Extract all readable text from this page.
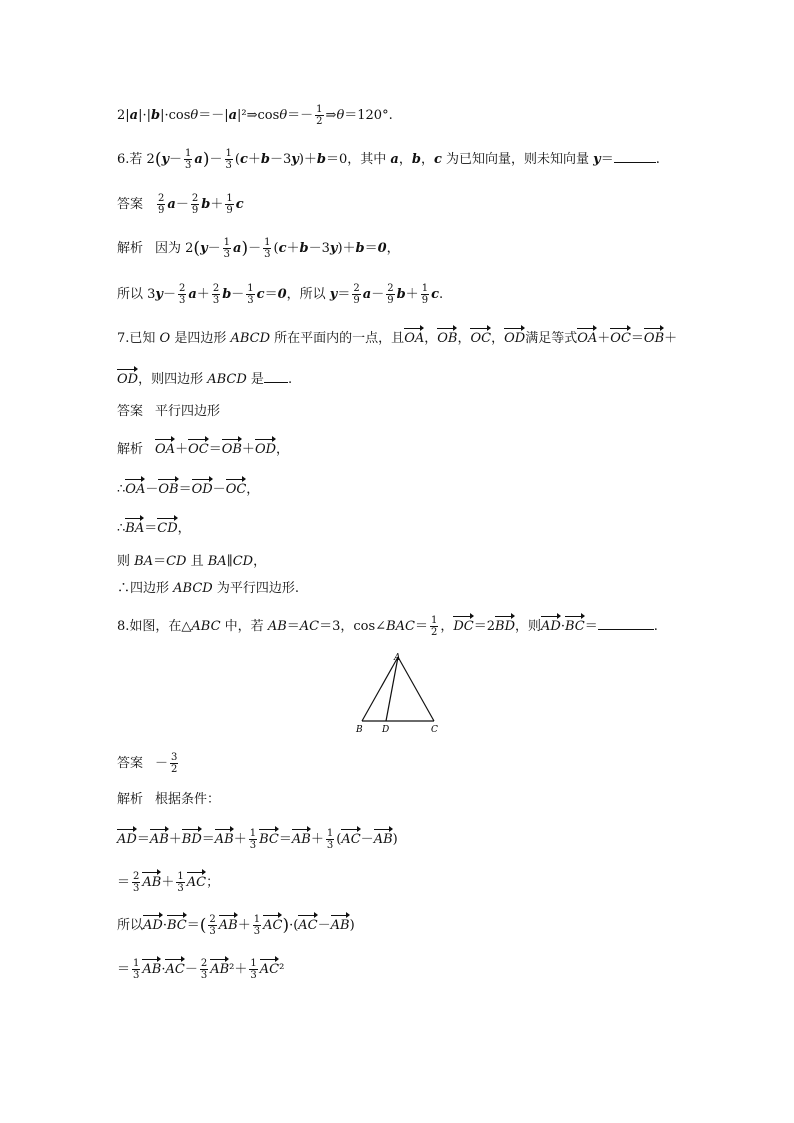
2|a|·|b|·cosθ＝－|a|²⇒cosθ＝－ $\frac{1}{2}$ ⇒θ＝120°.
6.若 $2(y- \frac{1}{3} a)- \frac{1}{3} (c+b-3y)+b=0$，其中 a，b，c 为已知向量，则未知向量 y＝	.
答案 $\frac{2}{9} a- \frac{2}{9} b+ \frac{1}{9}$ c
解析 因为 $2(y- \frac{1}{3} a)- \frac{1}{3} (c+b-3y)+b=0$，
所以 $3y- \frac{2}{3} a+ \frac{2}{3} b- \frac{1}{3} c=0$，所以 $y= \frac{2}{9} a- \frac{2}{9} b+ \frac{1}{9} c$.
7.已知 O 是四边形 ABCD 所在平面内的一点，且OA，OB，OC，OD满足等式OA＋OC＝OB＋
OD，则四边形 ABCD 是 .
答案 平行四边形
解析 OA＋OC＝OB＋OD，
∴OA－OB＝OD－OC，
∴BA＝CD，
则 BA＝CD 且 BA∥CD，
∴四边形 ABCD 为平行四边形.
8.如图，在△ABC 中，若 AB＝AC＝3，cos∠BAC＝ $\frac{1}{2}$ ，DC＝2BD，则AD·BC＝	.
A
B	C
D
答案 － $\frac{3}{2}$
解析 根据条件：
$AD=AB+BD=AB+ \frac{1}{3} BC=AB+ \frac{1}{3} (AC-AB)$
＝ $\frac{2}{3} AB+ \frac{1}{3}$ AC；
所以$AD\cdot BC=( \frac{2}{3} AB+ \frac{1}{3} AC)\cdot(AC-AB)$
＝ $\frac{1}{3} AB\cdot AC- \frac{2}{3} AB^2+ \frac{1}{3} AC^2$
